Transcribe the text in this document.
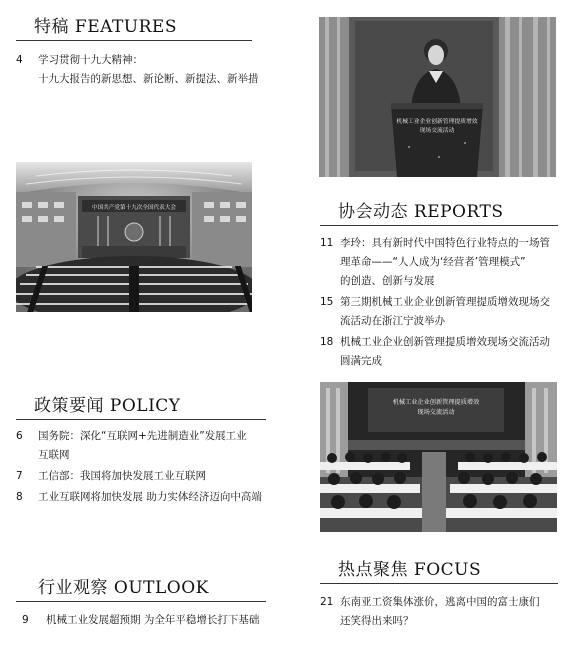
特稿 FEATURES
4	学习贯彻十九大精神：
十九大报告的新思想、新论断、新提法、新举措
中国共产党第十九次全国代表大会
政策要闻 POLICY
6	国务院：深化“互联网+先进制造业”发展工业
互联网
7	工信部：我国将加快发展工业互联网
8	工业互联网将加快发展 助力实体经济迈向中高端
行业观察 OUTLOOK
9	机械工业发展超预期 为全年平稳增长打下基础
机械工业企业创新管理提质增效
现场交流活动
协会动态 REPORTS
11 李玲：具有新时代中国特色行业特点的一场管
理革命——“人人成为‘经营者’管理模式”
的创造、创新与发展
15 第三期机械工业企业创新管理提质增效现场交
流活动在浙江宁波举办
18 机械工业企业创新管理提质增效现场交流活动
圆满完成
机械工业企业创新管理提质增效
现场交流活动
热点聚焦 FOCUS
21 东南亚工资集体涨价，逃离中国的富士康们
还笑得出来吗？
